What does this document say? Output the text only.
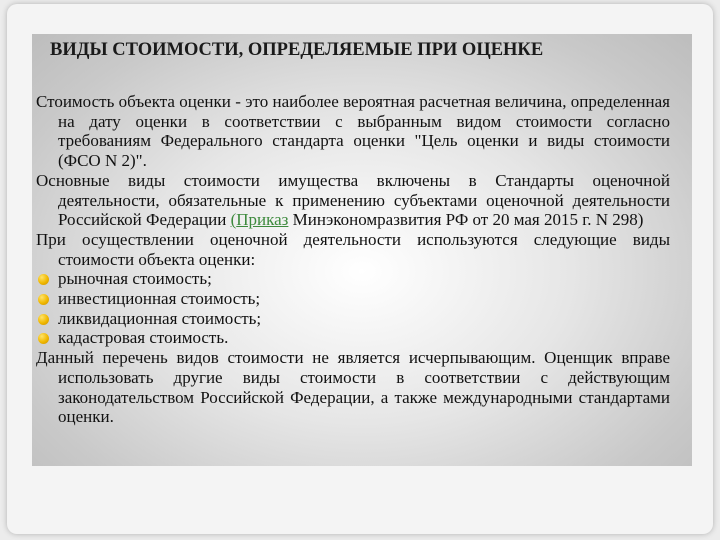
ВИДЫ СТОИМОСТИ, ОПРЕДЕЛЯЕМЫЕ ПРИ ОЦЕНКЕ

Стоимость объекта оценки - это наиболее вероятная расчетная величина, определенная на дату оценки в соответствии с выбранным видом стоимости согласно требованиям Федерального стандарта оценки "Цель оценки и виды стоимости (ФСО N 2)".

Основные виды стоимости имущества включены в Стандарты оценочной деятельности, обязательные к применению субъектами оценочной деятельности Российской Федерации (Приказ Минэкономразвития РФ от 20 мая 2015 г. N 298)

При осуществлении оценочной деятельности используются следующие виды стоимости объекта оценки:

рыночная стоимость;
инвестиционная стоимость;
ликвидационная стоимость;
кадастровая стоимость.

Данный перечень видов стоимости не является исчерпывающим. Оценщик вправе использовать другие виды стоимости в соответствии с действующим законодательством Российской Федерации, а также международными стандартами оценки.
